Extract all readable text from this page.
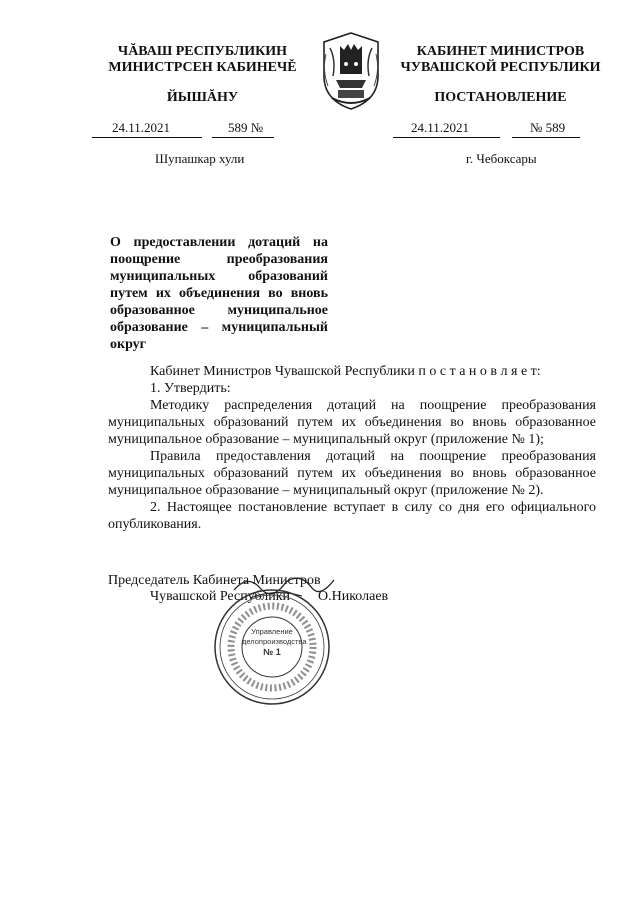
ЧĂВАШ РЕСПУБЛИКИН
МИНИСТРСЕН КАБИНЕЧĚ
ЙЫШĂНУ
24.11.2021	589 №
Шупашкар хули
КАБИНЕТ МИНИСТРОВ
ЧУВАШСКОЙ РЕСПУБЛИКИ
ПОСТАНОВЛЕНИЕ
24.11.2021	№ 589
г. Чебоксары
О предоставлении дотаций на поощрение преобразования муниципальных образований путем их объединения во вновь образованное муниципальное образование – муниципальный округ

Кабинет Министров Чувашской Республики п о с т а н о в л я е т:

1. Утвердить:

Методику распределения дотаций на поощрение преобразования муниципальных образований путем их объединения во вновь образованное муниципальное образование – муниципальный округ (приложение № 1);

Правила предоставления дотаций на поощрение преобразования муниципальных образований путем их объединения во вновь образованное муниципальное образование – муниципальный округ (приложение № 2).

2. Настоящее постановление вступает в силу со дня его официального опубликования.

Председатель Кабинета Министров
Чувашской Республики О.Николаев
Управление
делопроизводства
№ 1
